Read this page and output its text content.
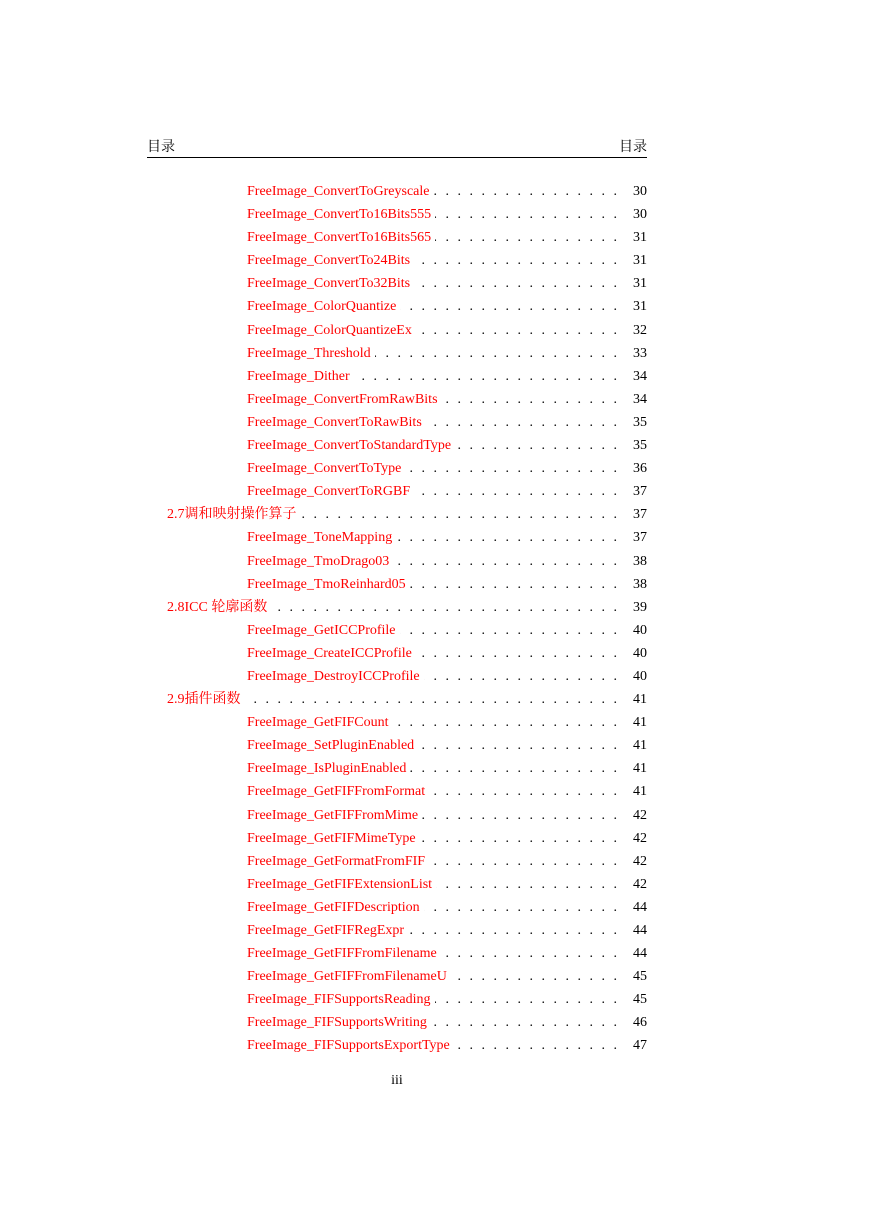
目录	目录
FreeImage_ConvertToGreyscale . . .	30
FreeImage_ConvertTo16Bits555 . . .	30
FreeImage_ConvertTo16Bits565 . . .	31
FreeImage_ConvertTo24Bits . . .	31
FreeImage_ConvertTo32Bits . . .	31
FreeImage_ColorQuantize . . .	31
FreeImage_ColorQuantizeEx . . .	32
FreeImage_Threshold . . .	33
FreeImage_Dither . . .	34
FreeImage_ConvertFromRawBits . . .	34
FreeImage_ConvertToRawBits . . .	35
FreeImage_ConvertToStandardType . . .	35
FreeImage_ConvertToType . . .	36
FreeImage_ConvertToRGBF . . .	37
2.7 调和映射操作算子 . . .	37
FreeImage_ToneMapping . . .	37
FreeImage_TmoDrago03 . . .	38
FreeImage_TmoReinhard05 . . .	38
2.8 ICC 轮廓函数 . . .	39
FreeImage_GetICCProfile . . .	40
FreeImage_CreateICCProfile . . .	40
FreeImage_DestroyICCProfile . . .	40
2.9 插件函数 . . .	41
FreeImage_GetFIFCount . . .	41
FreeImage_SetPluginEnabled . . .	41
FreeImage_IsPluginEnabled . . .	41
FreeImage_GetFIFFromFormat . . .	41
FreeImage_GetFIFFromMime . . .	42
FreeImage_GetFIFMimeType . . .	42
FreeImage_GetFormatFromFIF . . .	42
FreeImage_GetFIFExtensionList . . .	42
FreeImage_GetFIFDescription . . .	44
FreeImage_GetFIFRegExpr . . .	44
FreeImage_GetFIFFromFilename . . .	44
FreeImage_GetFIFFromFilenameU . . .	45
FreeImage_FIFSupportsReading . . .	45
FreeImage_FIFSupportsWriting . . .	46
FreeImage_FIFSupportsExportType . . .	47
iii
